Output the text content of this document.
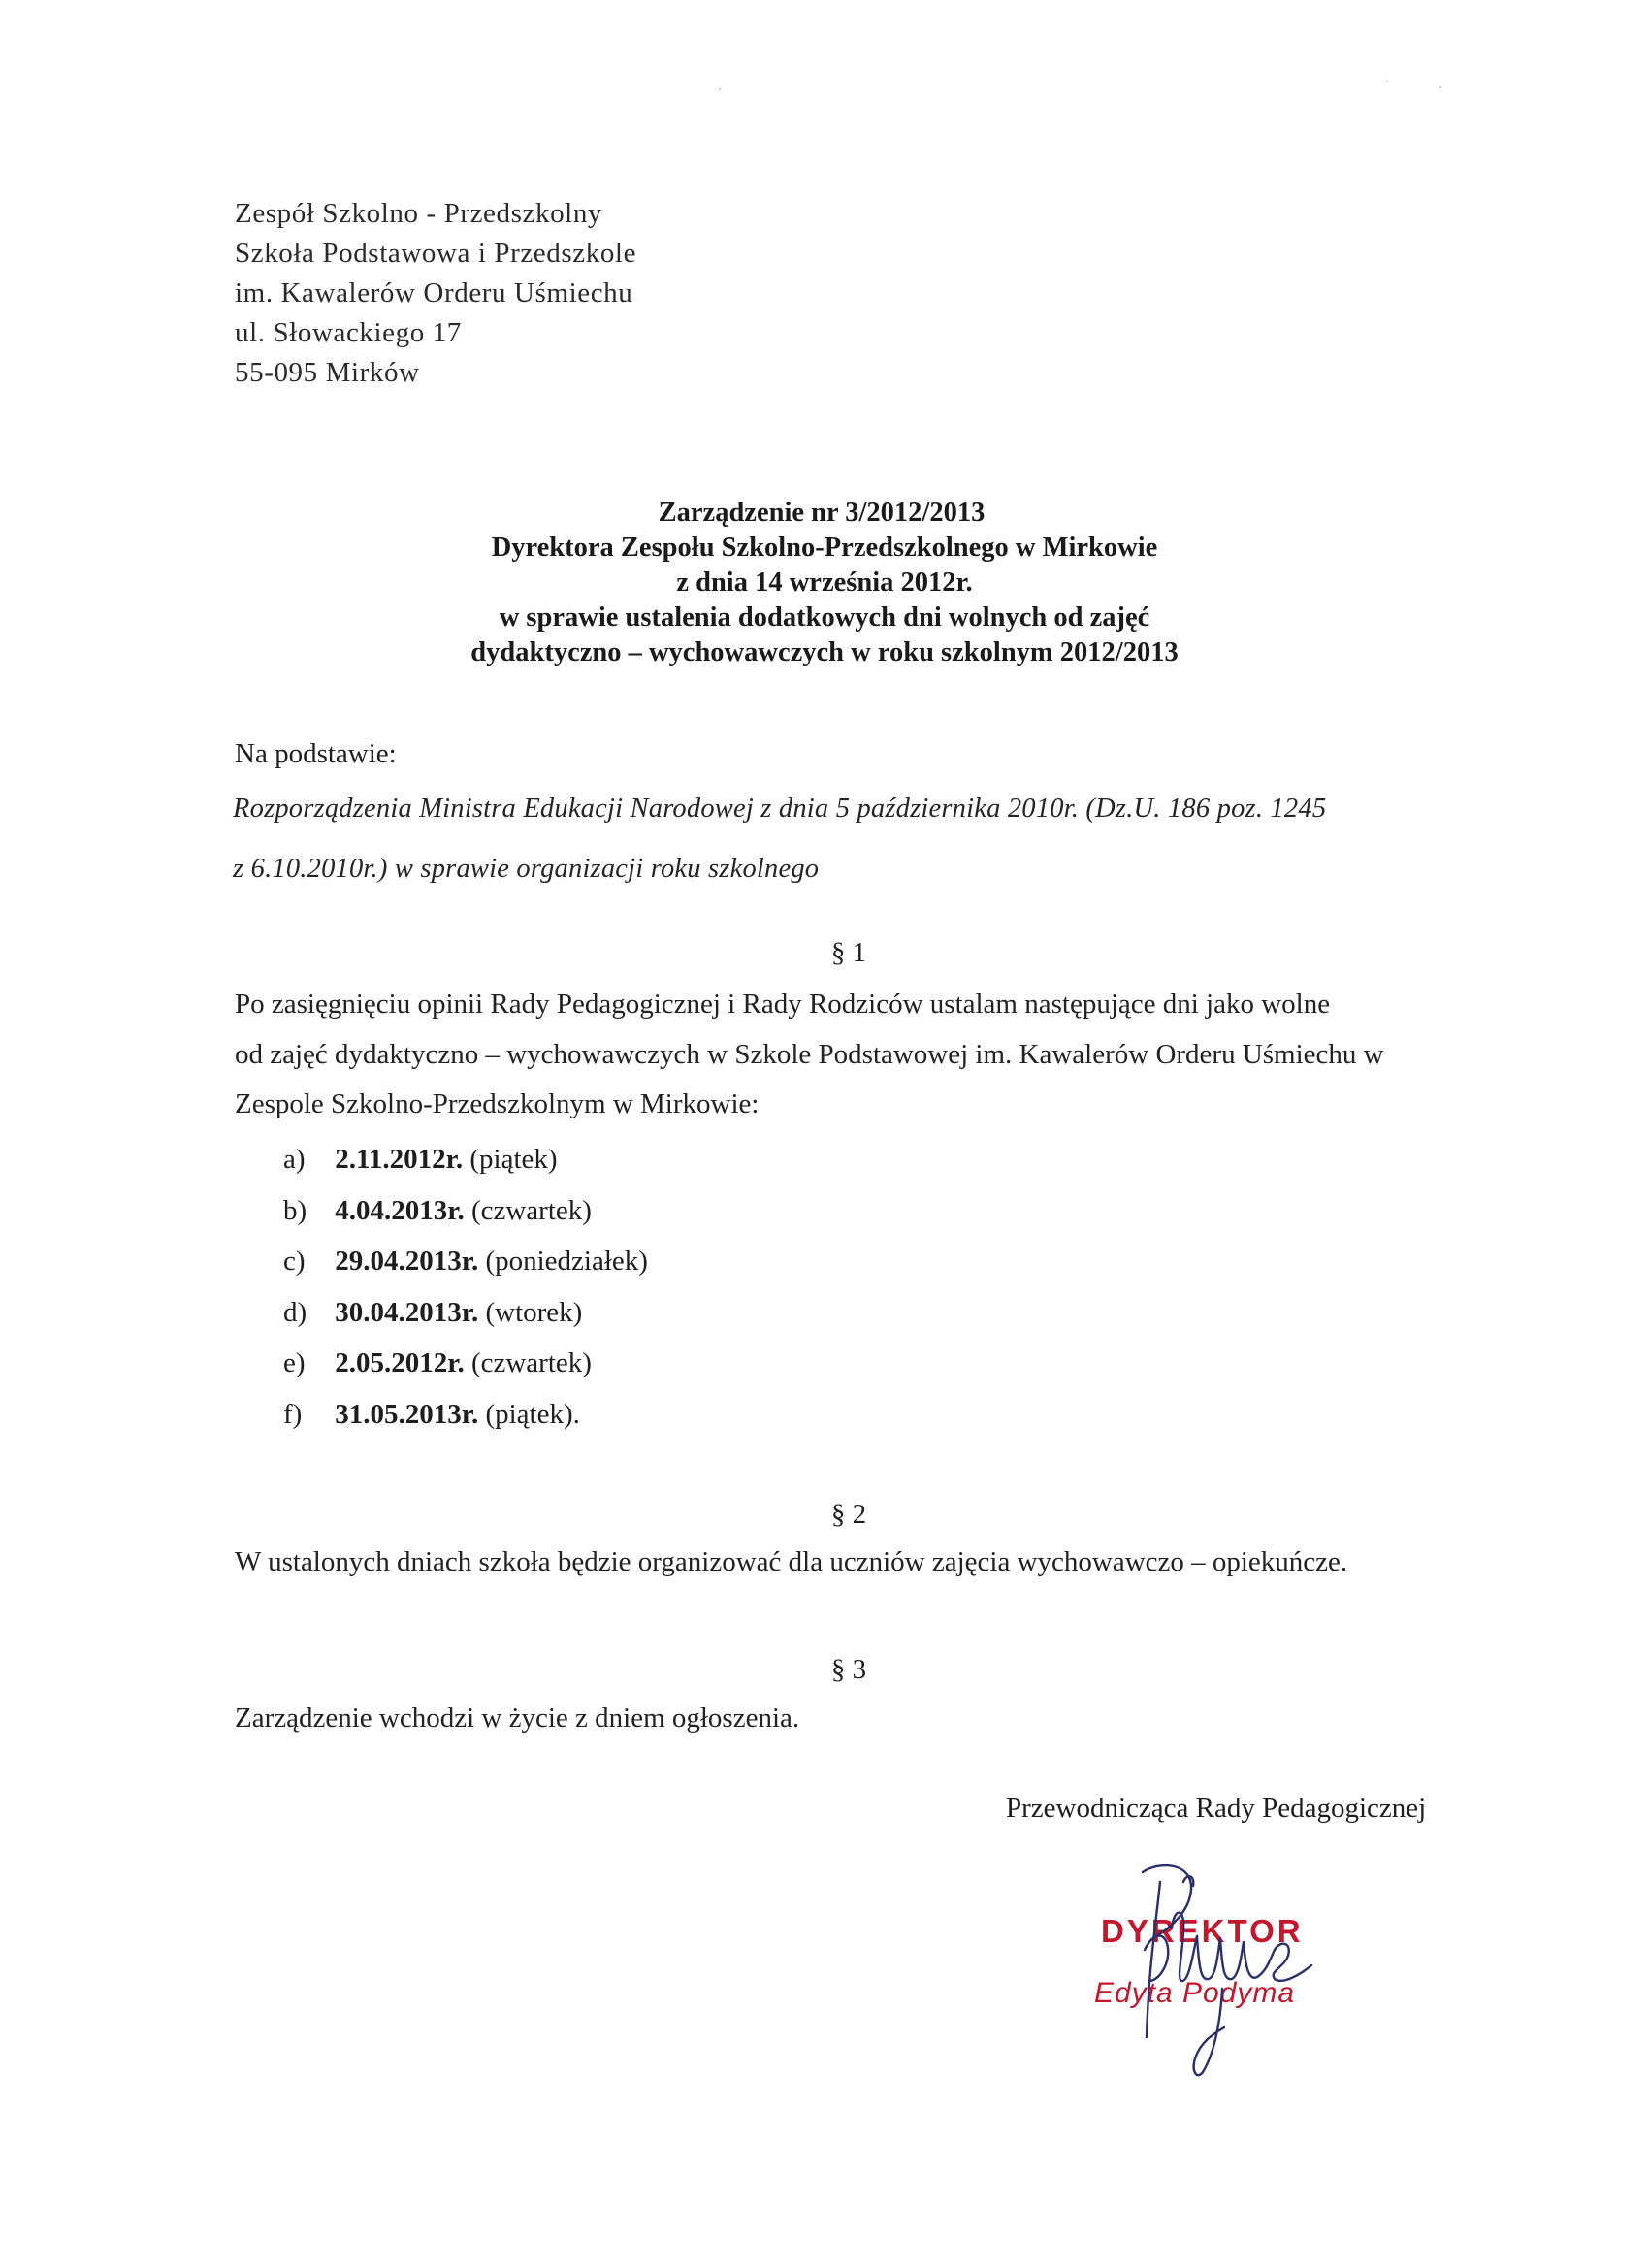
Zespół Szkolno - Przedszkolny
Szkoła Podstawowa i Przedszkole
im. Kawalerów Orderu Uśmiechu
ul. Słowackiego 17
55-095 Mirków
Zarządzenie nr 3/2012/2013
Dyrektora Zespołu Szkolno-Przedszkolnego w Mirkowie
z dnia 14 września 2012r.
w sprawie ustalenia dodatkowych dni wolnych od zajęć
dydaktyczno – wychowawczych w roku szkolnym 2012/2013
Na podstawie:
Rozporządzenia Ministra Edukacji Narodowej z dnia 5 października 2010r. (Dz.U. 186 poz. 1245
z 6.10.2010r.) w sprawie organizacji roku szkolnego
§ 1
Po zasięgnięciu opinii Rady Pedagogicznej i Rady Rodziców ustalam następujące dni jako wolne
od zajęć dydaktyczno – wychowawczych w Szkole Podstawowej im. Kawalerów Orderu Uśmiechu w
Zespole Szkolno-Przedszkolnym w Mirkowie:
a) 2.11.2012r. (piątek)
b) 4.04.2013r. (czwartek)
c) 29.04.2013r. (poniedziałek)
d) 30.04.2013r. (wtorek)
e) 2.05.2012r. (czwartek)
f) 31.05.2013r. (piątek).
§ 2
W ustalonych dniach szkoła będzie organizować dla uczniów zajęcia wychowawczo – opiekuńcze.
§ 3
Zarządzenie wchodzi w życie z dniem ogłoszenia.
Przewodnicząca Rady Pedagogicznej
DYREKTOR
Edyta Podyma
